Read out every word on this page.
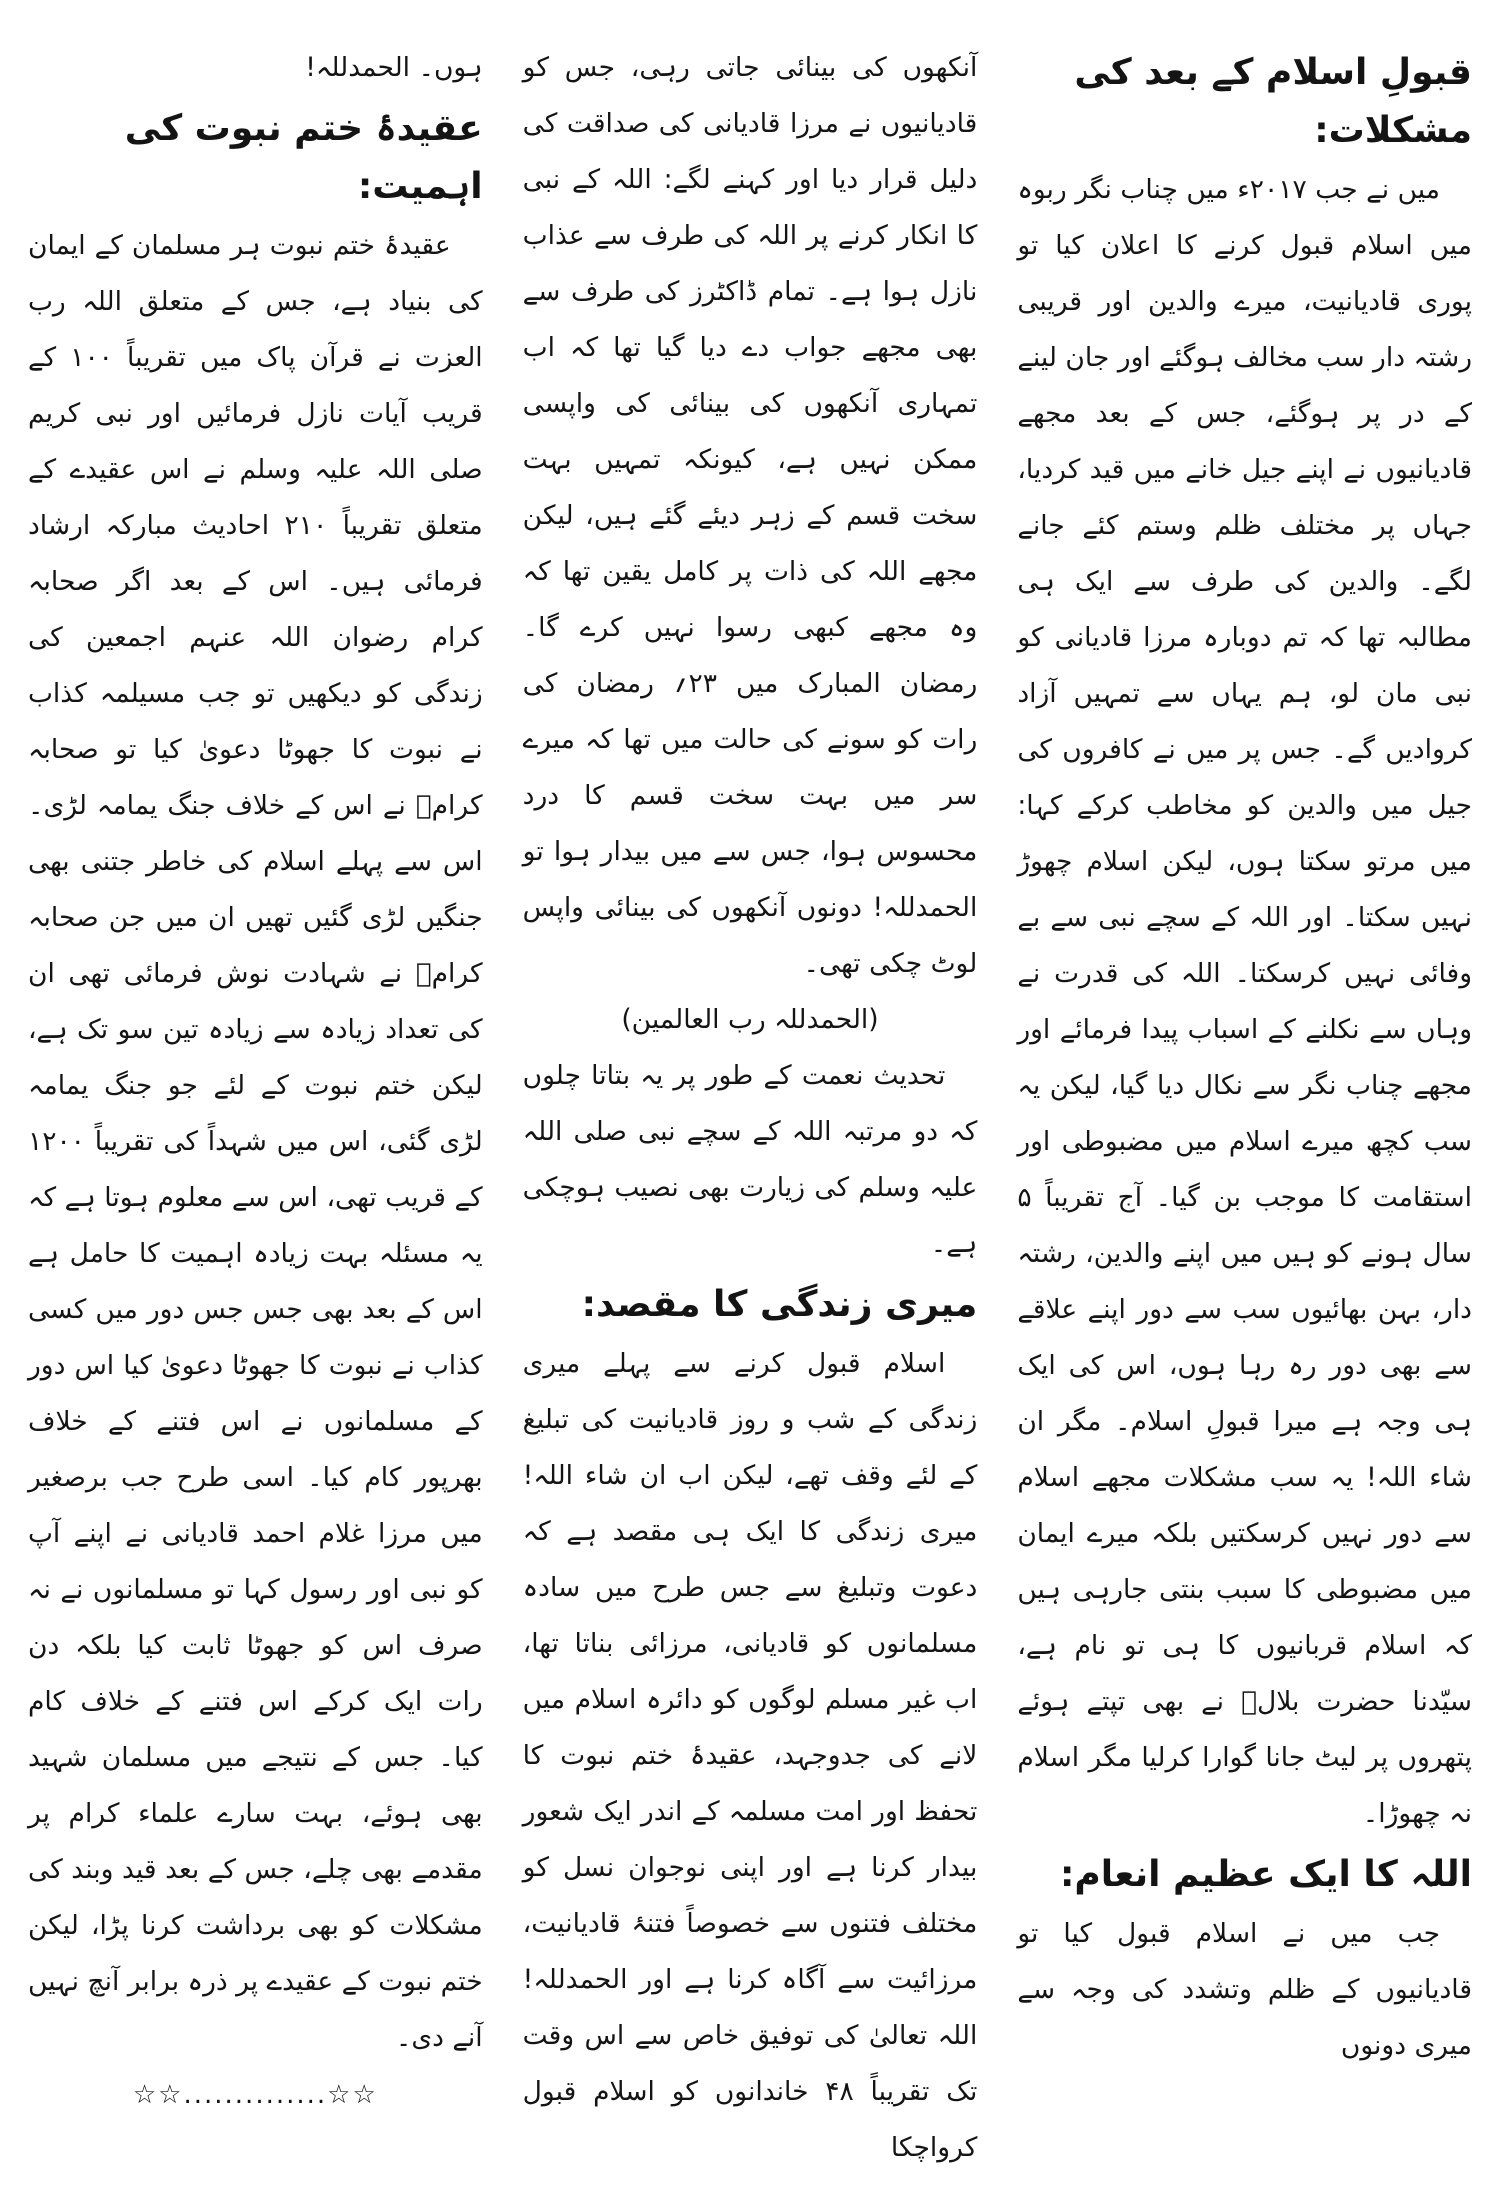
قبولِ اسلام کے بعد کی مشکلات:

میں نے جب ۲۰۱۷ء میں چناب نگر ربوہ میں اسلام قبول کرنے کا اعلان کیا تو پوری قادیانیت، میرے والدین اور قریبی رشتہ دار سب مخالف ہوگئے اور جان لینے کے در پر ہوگئے، جس کے بعد مجھے قادیانیوں نے اپنے جیل خانے میں قید کردیا، جہاں پر مختلف ظلم وستم کئے جانے لگے۔ والدین کی طرف سے ایک ہی مطالبہ تھا کہ تم دوبارہ مرزا قادیانی کو نبی مان لو، ہم یہاں سے تمہیں آزاد کروادیں گے۔ جس پر میں نے کافروں کی جیل میں والدین کو مخاطب کرکے کہا: میں مرتو سکتا ہوں، لیکن اسلام چھوڑ نہیں سکتا۔ اور اللہ کے سچے نبی سے بے وفائی نہیں کرسکتا۔ اللہ کی قدرت نے وہاں سے نکلنے کے اسباب پیدا فرمائے اور مجھے چناب نگر سے نکال دیا گیا، لیکن یہ سب کچھ میرے اسلام میں مضبوطی اور استقامت کا موجب بن گیا۔ آج تقریباً ۵ سال ہونے کو ہیں میں اپنے والدین، رشتہ دار، بہن بھائیوں سب سے دور اپنے علاقے سے بھی دور رہ رہا ہوں، اس کی ایک ہی وجہ ہے میرا قبولِ اسلام۔ مگر ان شاء اللہ! یہ سب مشکلات مجھے اسلام سے دور نہیں کرسکتیں بلکہ میرے ایمان میں مضبوطی کا سبب بنتی جارہی ہیں کہ اسلام قربانیوں کا ہی تو نام ہے، سیّدنا حضرت بلالؓ نے بھی تپتے ہوئے پتھروں پر لیٹ جانا گوارا کرلیا مگر اسلام نہ چھوڑا۔

اللہ کا ایک عظیم انعام:

جب میں نے اسلام قبول کیا تو قادیانیوں کے ظلم وتشدد کی وجہ سے میری دونوں

آنکھوں کی بینائی جاتی رہی، جس کو قادیانیوں نے مرزا قادیانی کی صداقت کی دلیل قرار دیا اور کہنے لگے: اللہ کے نبی کا انکار کرنے پر اللہ کی طرف سے عذاب نازل ہوا ہے۔ تمام ڈاکٹرز کی طرف سے بھی مجھے جواب دے دیا گیا تھا کہ اب تمہاری آنکھوں کی بینائی کی واپسی ممکن نہیں ہے، کیونکہ تمہیں بہت سخت قسم کے زہر دیئے گئے ہیں، لیکن مجھے اللہ کی ذات پر کامل یقین تھا کہ وہ مجھے کبھی رسوا نہیں کرے گا۔ رمضان المبارک میں ۲۳؍ رمضان کی رات کو سونے کی حالت میں تھا کہ میرے سر میں بہت سخت قسم کا درد محسوس ہوا، جس سے میں بیدار ہوا تو الحمدللہ! دونوں آنکھوں کی بینائی واپس لوٹ چکی تھی۔

(الحمدللہ رب العالمین)

تحدیث نعمت کے طور پر یہ بتاتا چلوں کہ دو مرتبہ اللہ کے سچے نبی صلی اللہ علیہ وسلم کی زیارت بھی نصیب ہوچکی ہے۔

میری زندگی کا مقصد:

اسلام قبول کرنے سے پہلے میری زندگی کے شب و روز قادیانیت کی تبلیغ کے لئے وقف تھے، لیکن اب ان شاء اللہ! میری زندگی کا ایک ہی مقصد ہے کہ دعوت وتبلیغ سے جس طرح میں سادہ مسلمانوں کو قادیانی، مرزائی بناتا تھا، اب غیر مسلم لوگوں کو دائرہ اسلام میں لانے کی جدوجہد، عقیدۂ ختم نبوت کا تحفظ اور امت مسلمہ کے اندر ایک شعور بیدار کرنا ہے اور اپنی نوجوان نسل کو مختلف فتنوں سے خصوصاً فتنۂ قادیانیت، مرزائیت سے آگاہ کرنا ہے اور الحمدللہ! اللہ تعالیٰ کی توفیق خاص سے اس وقت تک تقریباً ۴۸ خاندانوں کو اسلام قبول کرواچکا

ہوں۔ الحمدللہ!

عقیدۂ ختم نبوت کی اہمیت:

عقیدۂ ختم نبوت ہر مسلمان کے ایمان کی بنیاد ہے، جس کے متعلق اللہ رب العزت نے قرآن پاک میں تقریباً ۱۰۰ کے قریب آیات نازل فرمائیں اور نبی کریم صلی اللہ علیہ وسلم نے اس عقیدے کے متعلق تقریباً ۲۱۰ احادیث مبارکہ ارشاد فرمائی ہیں۔ اس کے بعد اگر صحابہ کرام رضوان اللہ عنہم اجمعین کی زندگی کو دیکھیں تو جب مسیلمہ کذاب نے نبوت کا جھوٹا دعویٰ کیا تو صحابہ کرامؓ نے اس کے خلاف جنگ یمامہ لڑی۔ اس سے پہلے اسلام کی خاطر جتنی بھی جنگیں لڑی گئیں تھیں ان میں جن صحابہ کرامؓ نے شہادت نوش فرمائی تھی ان کی تعداد زیادہ سے زیادہ تین سو تک ہے، لیکن ختم نبوت کے لئے جو جنگ یمامہ لڑی گئی، اس میں شہداً کی تقریباً ۱۲۰۰ کے قریب تھی، اس سے معلوم ہوتا ہے کہ یہ مسئلہ بہت زیادہ اہمیت کا حامل ہے اس کے بعد بھی جس جس دور میں کسی کذاب نے نبوت کا جھوٹا دعویٰ کیا اس دور کے مسلمانوں نے اس فتنے کے خلاف بھرپور کام کیا۔ اسی طرح جب برصغیر میں مرزا غلام احمد قادیانی نے اپنے آپ کو نبی اور رسول کہا تو مسلمانوں نے نہ صرف اس کو جھوٹا ثابت کیا بلکہ دن رات ایک کرکے اس فتنے کے خلاف کام کیا۔ جس کے نتیجے میں مسلمان شہید بھی ہوئے، بہت سارے علماء کرام پر مقدمے بھی چلے، جس کے بعد قید وبند کی مشکلات کو بھی برداشت کرنا پڑا، لیکن ختم نبوت کے عقیدے پر ذرہ برابر آنچ نہیں آنے دی۔

☆☆..............☆☆
